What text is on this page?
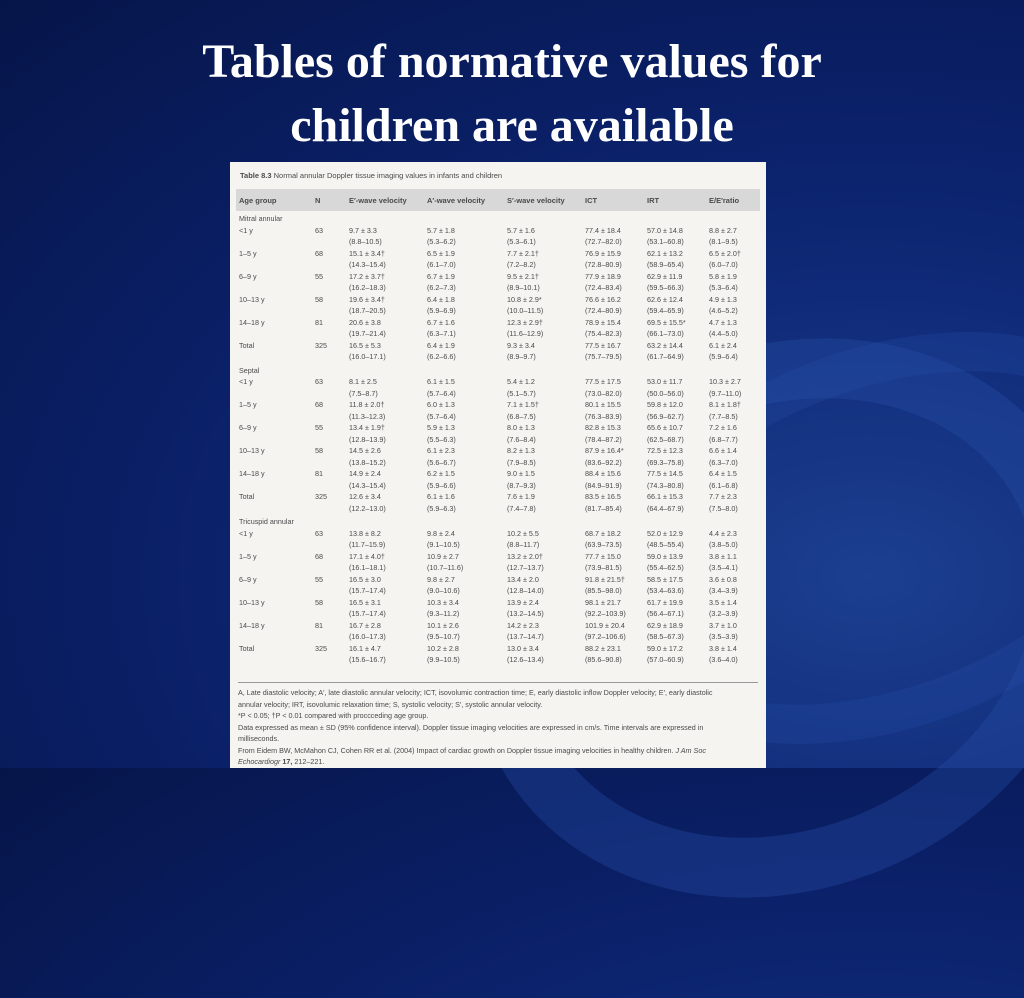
Tables of normative values for
children are available
Table 8.3 Normal annular Doppler tissue imaging values in infants and children
Age group	N	E′-wave velocity	A′-wave velocity	S′-wave velocity	ICT	IRT	E/E′ratio
Mitral annular							
<1 y	63	9.7 ± 3.3	5.7 ± 1.8	5.7 ± 1.6	77.4 ± 18.4	57.0 ± 14.8	8.8 ± 2.7
		(8.8–10.5)	(5.3–6.2)	(5.3–6.1)	(72.7–82.0)	(53.1–60.8)	(8.1–9.5)
1–5 y	68	15.1 ± 3.4†	6.5 ± 1.9	7.7 ± 2.1†	76.9 ± 15.9	62.1 ± 13.2	6.5 ± 2.0†
		(14.3–15.4)	(6.1–7.0)	(7.2–8.2)	(72.8–80.9)	(58.9–65.4)	(6.0–7.0)
6–9 y	55	17.2 ± 3.7†	6.7 ± 1.9	9.5 ± 2.1†	77.9 ± 18.9	62.9 ± 11.9	5.8 ± 1.9
		(16.2–18.3)	(6.2–7.3)	(8.9–10.1)	(72.4–83.4)	(59.5–66.3)	(5.3–6.4)
10–13 y	58	19.6 ± 3.4†	6.4 ± 1.8	10.8 ± 2.9*	76.6 ± 16.2	62.6 ± 12.4	4.9 ± 1.3
		(18.7–20.5)	(5.9–6.9)	(10.0–11.5)	(72.4–80.9)	(59.4–65.9)	(4.6–5.2)
14–18 y	81	20.6 ± 3.8	6.7 ± 1.6	12.3 ± 2.9†	78.9 ± 15.4	69.5 ± 15.5*	4.7 ± 1.3
		(19.7–21.4)	(6.3–7.1)	(11.6–12.9)	(75.4–82.3)	(66.1–73.0)	(4.4–5.0)
Total	325	16.5 ± 5.3	6.4 ± 1.9	9.3 ± 3.4	77.5 ± 16.7	63.2 ± 14.4	6.1 ± 2.4
		(16.0–17.1)	(6.2–6.6)	(8.9–9.7)	(75.7–79.5)	(61.7–64.9)	(5.9–6.4)
Septal							
<1 y	63	8.1 ± 2.5	6.1 ± 1.5	5.4 ± 1.2	77.5 ± 17.5	53.0 ± 11.7	10.3 ± 2.7
		(7.5–8.7)	(5.7–6.4)	(5.1–5.7)	(73.0–82.0)	(50.0–56.0)	(9.7–11.0)
1–5 y	68	11.8 ± 2.0†	6.0 ± 1.3	7.1 ± 1.5†	80.1 ± 15.5	59.8 ± 12.0	8.1 ± 1.8†
		(11.3–12.3)	(5.7–6.4)	(6.8–7.5)	(76.3–83.9)	(56.9–62.7)	(7.7–8.5)
6–9 y	55	13.4 ± 1.9†	5.9 ± 1.3	8.0 ± 1.3	82.8 ± 15.3	65.6 ± 10.7	7.2 ± 1.6
		(12.8–13.9)	(5.5–6.3)	(7.6–8.4)	(78.4–87.2)	(62.5–68.7)	(6.8–7.7)
10–13 y	58	14.5 ± 2.6	6.1 ± 2.3	8.2 ± 1.3	87.9 ± 16.4*	72.5 ± 12.3	6.6 ± 1.4
		(13.8–15.2)	(5.6–6.7)	(7.9–8.5)	(83.6–92.2)	(69.3–75.8)	(6.3–7.0)
14–18 y	81	14.9 ± 2.4	6.2 ± 1.5	9.0 ± 1.5	88.4 ± 15.6	77.5 ± 14.5	6.4 ± 1.5
		(14.3–15.4)	(5.9–6.6)	(8.7–9.3)	(84.9–91.9)	(74.3–80.8)	(6.1–6.8)
Total	325	12.6 ± 3.4	6.1 ± 1.6	7.6 ± 1.9	83.5 ± 16.5	66.1 ± 15.3	7.7 ± 2.3
		(12.2–13.0)	(5.9–6.3)	(7.4–7.8)	(81.7–85.4)	(64.4–67.9)	(7.5–8.0)
Tricuspid annular							
<1 y	63	13.8 ± 8.2	9.8 ± 2.4	10.2 ± 5.5	68.7 ± 18.2	52.0 ± 12.9	4.4 ± 2.3
		(11.7–15.9)	(9.1–10.5)	(8.8–11.7)	(63.9–73.5)	(48.5–55.4)	(3.8–5.0)
1–5 y	68	17.1 ± 4.0†	10.9 ± 2.7	13.2 ± 2.0†	77.7 ± 15.0	59.0 ± 13.9	3.8 ± 1.1
		(16.1–18.1)	(10.7–11.6)	(12.7–13.7)	(73.9–81.5)	(55.4–62.5)	(3.5–4.1)
6–9 y	55	16.5 ± 3.0	9.8 ± 2.7	13.4 ± 2.0	91.8 ± 21.5†	58.5 ± 17.5	3.6 ± 0.8
		(15.7–17.4)	(9.0–10.6)	(12.8–14.0)	(85.5–98.0)	(53.4–63.6)	(3.4–3.9)
10–13 y	58	16.5 ± 3.1	10.3 ± 3.4	13.9 ± 2.4	98.1 ± 21.7	61.7 ± 19.9	3.5 ± 1.4
		(15.7–17.4)	(9.3–11.2)	(13.2–14.5)	(92.2–103.9)	(56.4–67.1)	(3.2–3.9)
14–18 y	81	16.7 ± 2.8	10.1 ± 2.6	14.2 ± 2.3	101.9 ± 20.4	62.9 ± 18.9	3.7 ± 1.0
		(16.0–17.3)	(9.5–10.7)	(13.7–14.7)	(97.2–106.6)	(58.5–67.3)	(3.5–3.9)
Total	325	16.1 ± 4.7	10.2 ± 2.8	13.0 ± 3.4	88.2 ± 23.1	59.0 ± 17.2	3.8 ± 1.4
		(15.6–16.7)	(9.9–10.5)	(12.6–13.4)	(85.6–90.8)	(57.0–60.9)	(3.6–4.0)
A, Late diastolic velocity; A′, late diastolic annular velocity; ICT, isovolumic contraction time; E, early diastolic inflow Doppler velocity; E′, early diastolic
annular velocity; IRT, isovolumic relaxation time; S, systolic velocity; S′, systolic annular velocity.
*P < 0.05; †P < 0.01 compared with proccceding age group.
Data expressed as mean ± SD (95% confidence interval). Doppler tissue imaging velocities are expressed in cm/s. Time intervals are expressed in
milliseconds.
From Eidem BW, McMahon CJ, Cohen RR et al. (2004) Impact of cardiac growth on Doppler tissue imaging velocities in healthy children. J Am Soc
Echocardiogr 17, 212–221.
